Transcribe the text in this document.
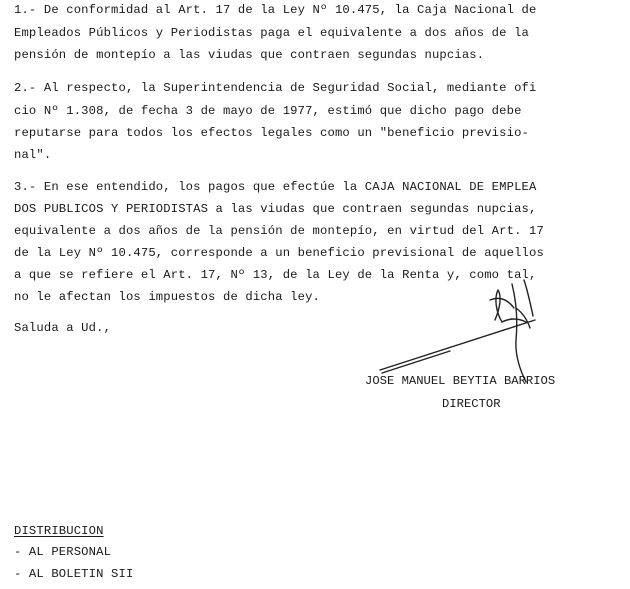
1.- De conformidad al Art. 17 de la Ley Nº 10.475, la Caja Nacional de
Empleados Públicos y Periodistas paga el equivalente a dos años de la
pensión de montepío a las viudas que contraen segundas nupcias.
2.- Al respecto, la Superintendencia de Seguridad Social, mediante ofi
cio Nº 1.308, de fecha 3 de mayo de 1977, estimó que dicho pago debe
reputarse para todos los efectos legales como un "beneficio previsio-
nal".
3.- En ese entendido, los pagos que efectúe la CAJA NACIONAL DE EMPLEA
DOS PUBLICOS Y PERIODISTAS a las viudas que contraen segundas nupcias,
equivalente a dos años de la pensión de montepío, en virtud del Art. 17
de la Ley Nº 10.475, corresponde a un beneficio previsional de aquellos
a que se refiere el Art. 17, Nº 13, de la Ley de la Renta y, como tal,
no le afectan los impuestos de dicha ley.
Saluda a Ud.,
JOSE MANUEL BEYTIA BARRIOS
DIRECTOR
DISTRIBUCION
- AL PERSONAL
- AL BOLETIN SII
